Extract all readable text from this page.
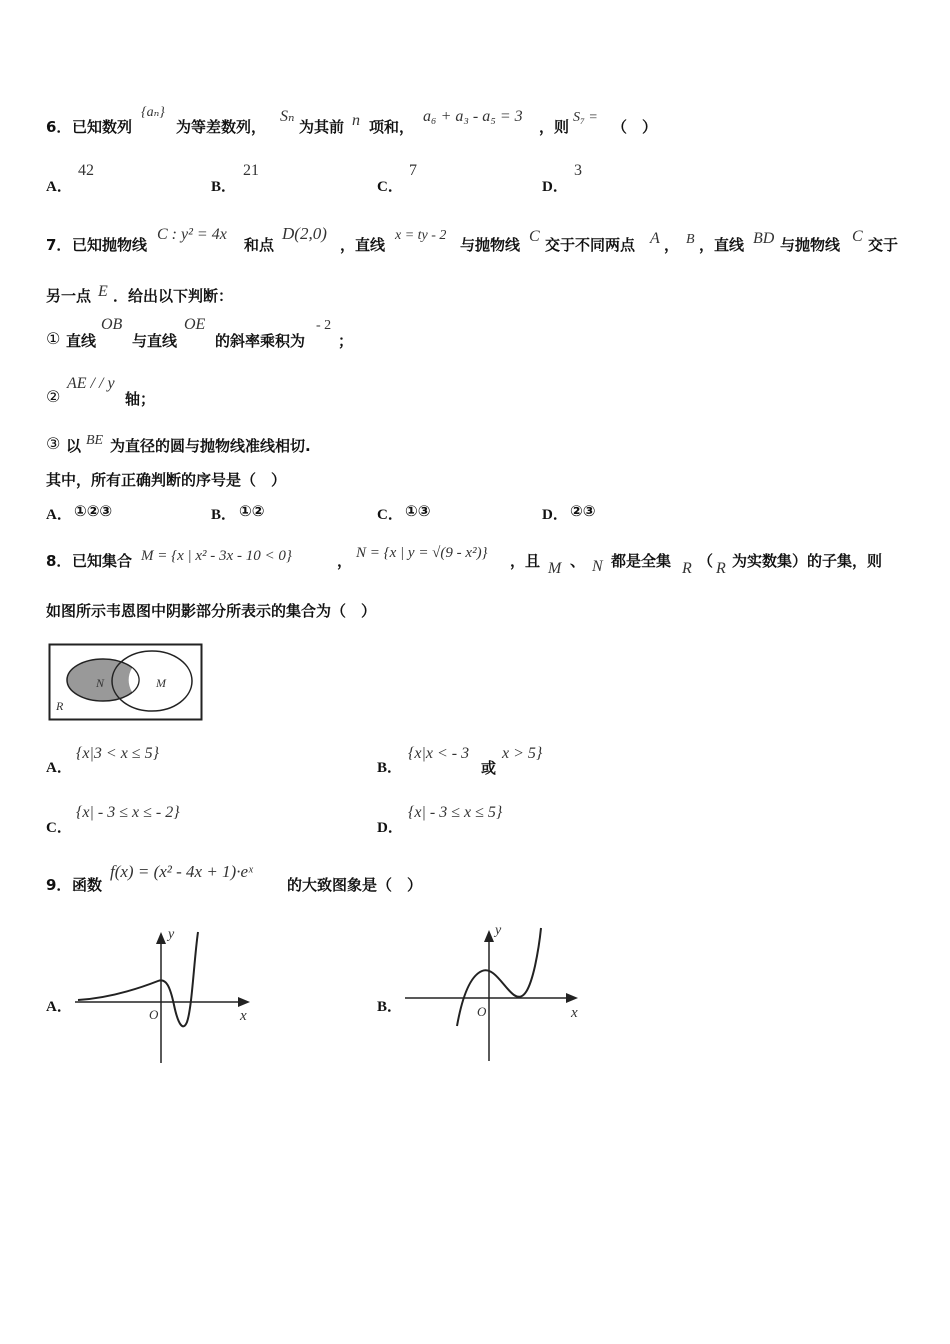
6． 已知数列
{aₙ}
为等差数列，
Sₙ
为其前 n 项和，
a₆ + a₃ - a₅ = 3
，则
S₇ =
（　）
A．
42
B．
21
C．
7
D．
3
7． 已知抛物线
C : y² = 4x
和点
D(2,0)
，直线
x = ty - 2
与抛物线 C 交于不同两点 A ， B ，直线 BD 与抛物线 C 交于
另一点 E ．给出以下判断：
① 直线
OB
与直线
OE
的斜率乘积为
- 2
；
②
AE / / y
轴；
③ 以 BE 为直径的圆与抛物线准线相切.
其中，所有正确判断的序号是（　）
A． ①②③	B． ①②	C． ①③	D． ②③
8． 已知集合 M = {x | x² - 3x - 10 < 0}	， N = {x | y = √(9 - x²)} ，且 M 、 N 都是全集 R （ R 为实数集）的子集，则
如图所示韦恩图中阴影部分所表示的集合为（　）
N	M
R
A．
{x|3 < x ≤ 5}
B．
{x|x < - 3
或
x > 5}
C．
{x| - 3 ≤ x ≤ - 2}
D．
{x| - 3 ≤ x ≤ 5}
9． 函数
f(x) = (x² - 4x + 1)·eˣ
的大致图象是（　）
A．
y
O	x
B．
y
O	x
